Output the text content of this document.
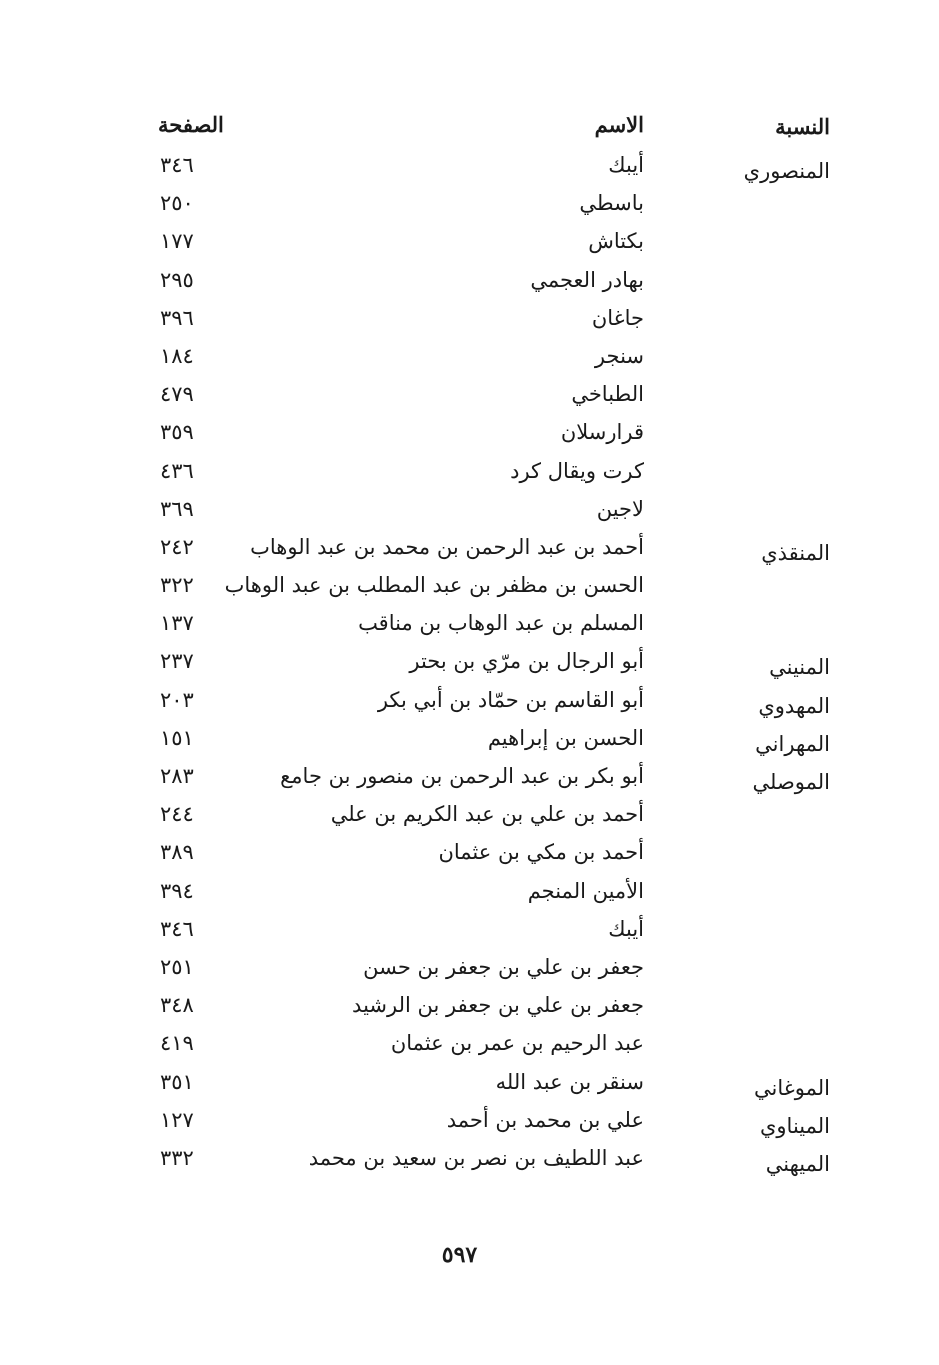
النسبة
الاسم
الصفحة
المنصوري
أيبك
٣٤٦
باسطي
٢٥٠
بكتاش
١٧٧
بهادر العجمي
٢٩٥
جاغان
٣٩٦
سنجر
١٨٤
الطباخي
٤٧٩
قرارسلان
٣٥٩
كرت ويقال كرد
٤٣٦
لاجين
٣٦٩
المنقذي
أحمد بن عبد الرحمن بن محمد بن عبد الوهاب
٢٤٢
الحسن بن مظفر بن عبد المطلب بن عبد الوهاب
٣٢٢
المسلم بن عبد الوهاب بن مناقب
١٣٧
المنيني
أبو الرجال بن مرّي بن بحتر
٢٣٧
المهدوي
أبو القاسم بن حمّاد بن أبي بكر
٢٠٣
المهراني
الحسن بن إبراهيم
١٥١
الموصلي
أبو بكر بن عبد الرحمن بن منصور بن جامع
٢٨٣
أحمد بن علي بن عبد الكريم بن علي
٢٤٤
أحمد بن مكي بن عثمان
٣٨٩
الأمين المنجم
٣٩٤
أيبك
٣٤٦
جعفر بن علي بن جعفر بن حسن
٢٥١
جعفر بن علي بن جعفر بن الرشيد
٣٤٨
عبد الرحيم بن عمر بن عثمان
٤١٩
الموغاني
سنقر بن عبد الله
٣٥١
الميناوي
علي بن محمد بن أحمد
١٢٧
الميهني
عبد اللطيف بن نصر بن سعيد بن محمد
٣٣٢
٥٩٧
